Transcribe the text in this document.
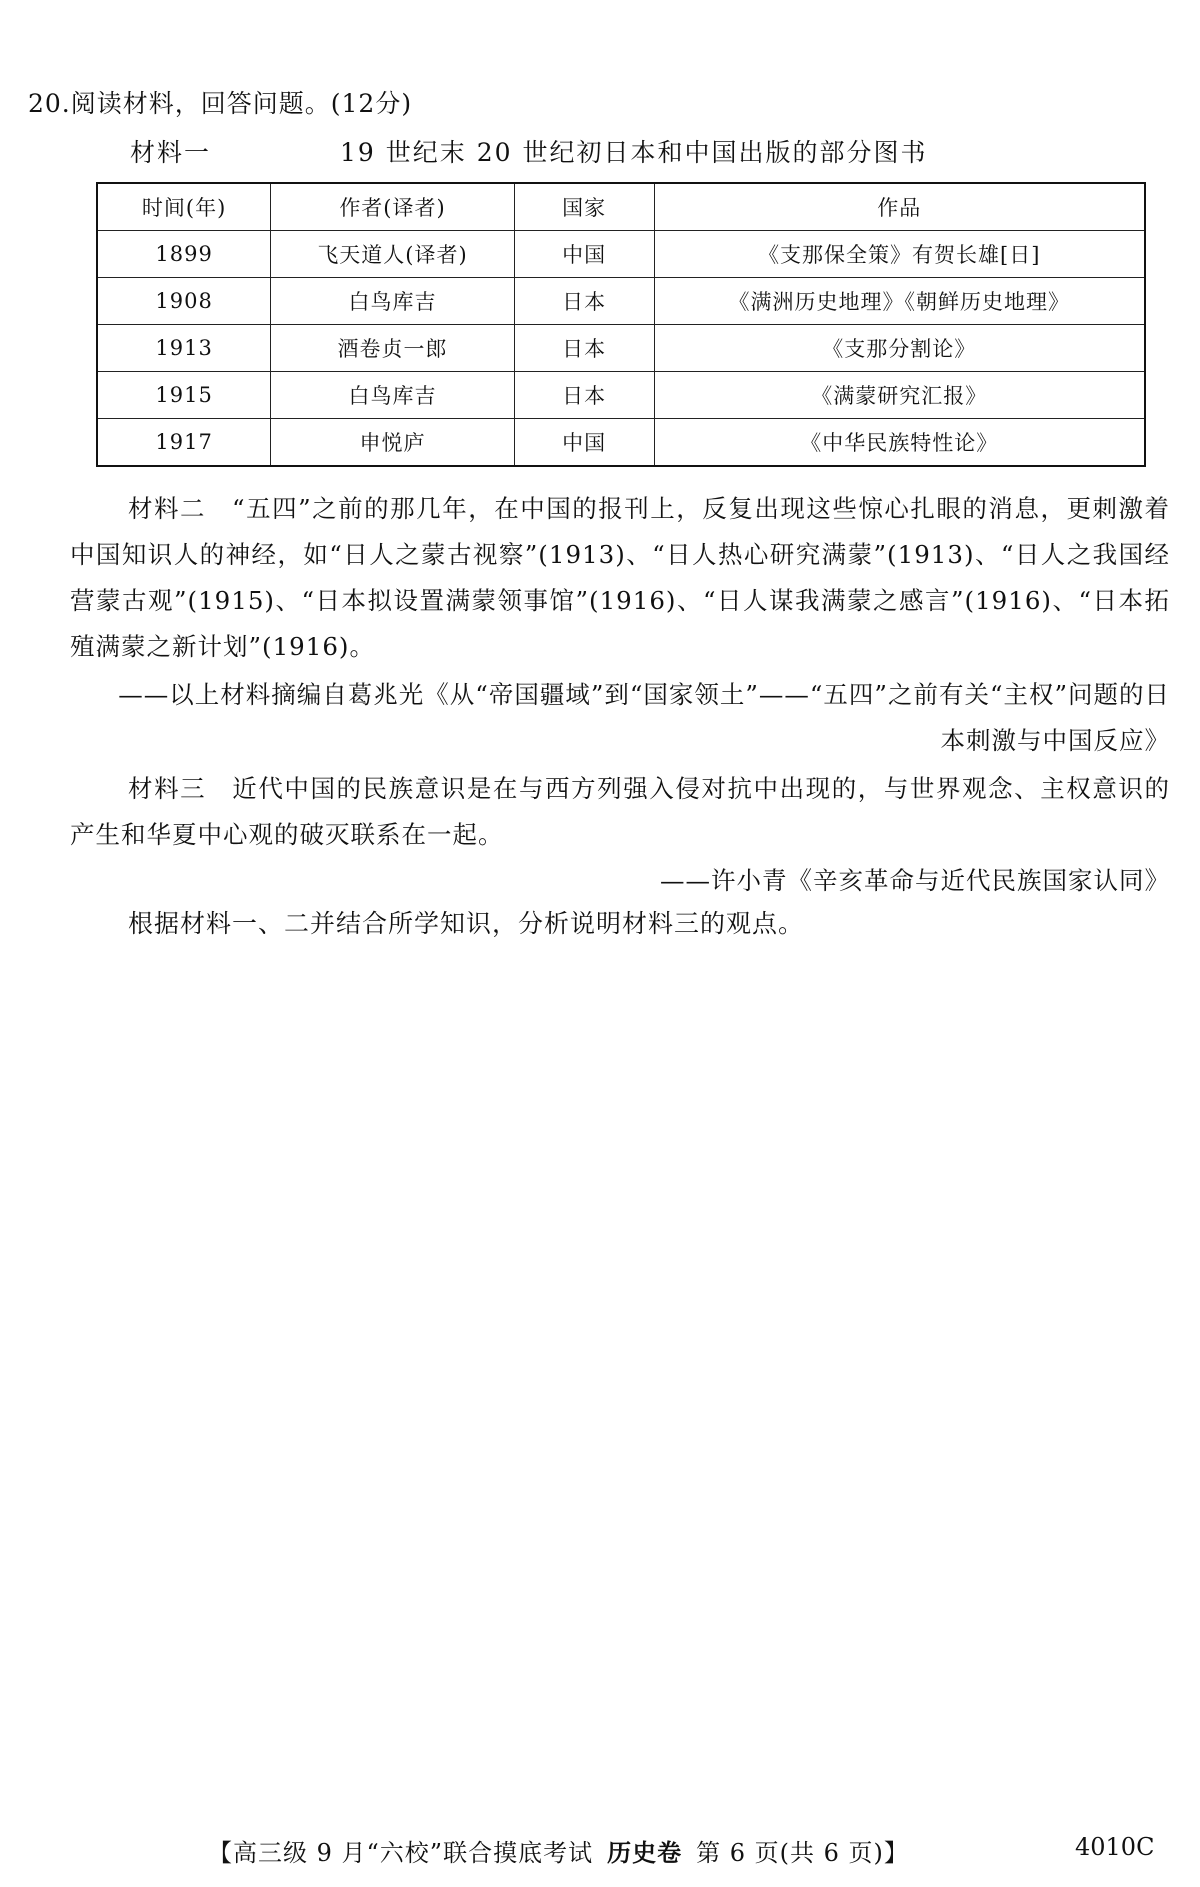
20.阅读材料，回答问题。(12分)
材料一	19 世纪末 20 世纪初日本和中国出版的部分图书
时间(年)	作者(译者)	国家	作品
1899	飞天道人(译者)	中国	《支那保全策》有贺长雄[日]
1908	白鸟库吉	日本	《满洲历史地理》《朝鲜历史地理》
1913	酒卷贞一郎	日本	《支那分割论》
1915	白鸟库吉	日本	《满蒙研究汇报》
1917	申悦庐	中国	《中华民族特性论》
材料二　“五四”之前的那几年，在中国的报刊上，反复出现这些惊心扎眼的消息，更刺激着中国知识人的神经，如“日人之蒙古视察”(1913)、“日人热心研究满蒙”(1913)、“日人之我国经营蒙古观”(1915)、“日本拟设置满蒙领事馆”(1916)、“日人谋我满蒙之感言”(1916)、“日本拓殖满蒙之新计划”(1916)。
——以上材料摘编自葛兆光《从“帝国疆域”到“国家领土”——“五四”之前有关“主权”问题的日本刺激与中国反应》
材料三　近代中国的民族意识是在与西方列强入侵对抗中出现的，与世界观念、主权意识的产生和华夏中心观的破灭联系在一起。
——许小青《辛亥革命与近代民族国家认同》
根据材料一、二并结合所学知识，分析说明材料三的观点。
【高三级 9 月“六校”联合摸底考试 历史卷 第 6 页(共 6 页)】	4010C
